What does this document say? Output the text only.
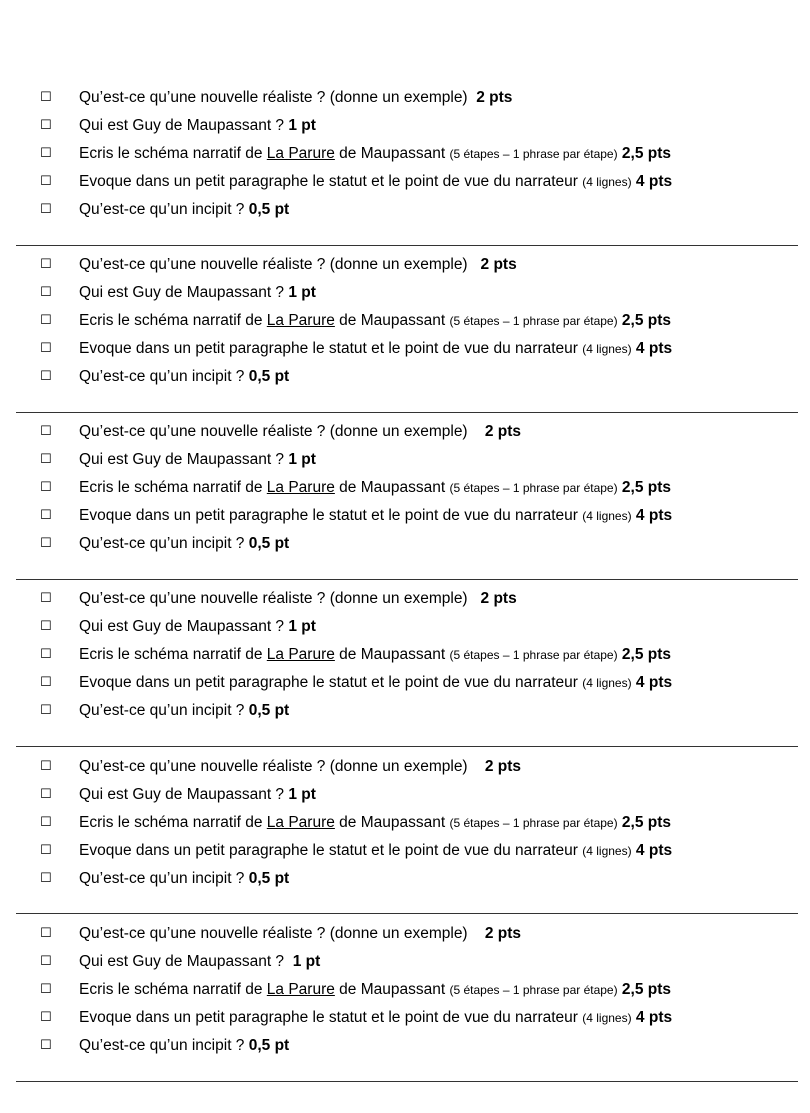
☐ Qu’est-ce qu’une nouvelle réaliste ? (donne un exemple) 2 pts
☐ Qui est Guy de Maupassant ? 1 pt
☐ Ecris le schéma narratif de La Parure de Maupassant (5 étapes – 1 phrase par étape) 2,5 pts
☐ Evoque dans un petit paragraphe le statut et le point de vue du narrateur (4 lignes) 4 pts
☐ Qu’est-ce qu’un incipit ? 0,5 pt
☐ Qu’est-ce qu’une nouvelle réaliste ? (donne un exemple) 2 pts
☐ Qui est Guy de Maupassant ? 1 pt
☐ Ecris le schéma narratif de La Parure de Maupassant (5 étapes – 1 phrase par étape) 2,5 pts
☐ Evoque dans un petit paragraphe le statut et le point de vue du narrateur (4 lignes) 4 pts
☐ Qu’est-ce qu’un incipit ? 0,5 pt
☐ Qu’est-ce qu’une nouvelle réaliste ? (donne un exemple) 2 pts
☐ Qui est Guy de Maupassant ? 1 pt
☐ Ecris le schéma narratif de La Parure de Maupassant (5 étapes – 1 phrase par étape) 2,5 pts
☐ Evoque dans un petit paragraphe le statut et le point de vue du narrateur (4 lignes) 4 pts
☐ Qu’est-ce qu’un incipit ? 0,5 pt
☐ Qu’est-ce qu’une nouvelle réaliste ? (donne un exemple) 2 pts
☐ Qui est Guy de Maupassant ? 1 pt
☐ Ecris le schéma narratif de La Parure de Maupassant (5 étapes – 1 phrase par étape) 2,5 pts
☐ Evoque dans un petit paragraphe le statut et le point de vue du narrateur (4 lignes) 4 pts
☐ Qu’est-ce qu’un incipit ? 0,5 pt
☐ Qu’est-ce qu’une nouvelle réaliste ? (donne un exemple) 2 pts
☐ Qui est Guy de Maupassant ? 1 pt
☐ Ecris le schéma narratif de La Parure de Maupassant (5 étapes – 1 phrase par étape) 2,5 pts
☐ Evoque dans un petit paragraphe le statut et le point de vue du narrateur (4 lignes) 4 pts
☐ Qu’est-ce qu’un incipit ? 0,5 pt
☐ Qu’est-ce qu’une nouvelle réaliste ? (donne un exemple) 2 pts
☐ Qui est Guy de Maupassant ? 1 pt
☐ Ecris le schéma narratif de La Parure de Maupassant (5 étapes – 1 phrase par étape) 2,5 pts
☐ Evoque dans un petit paragraphe le statut et le point de vue du narrateur (4 lignes) 4 pts
☐ Qu’est-ce qu’un incipit ? 0,5 pt
